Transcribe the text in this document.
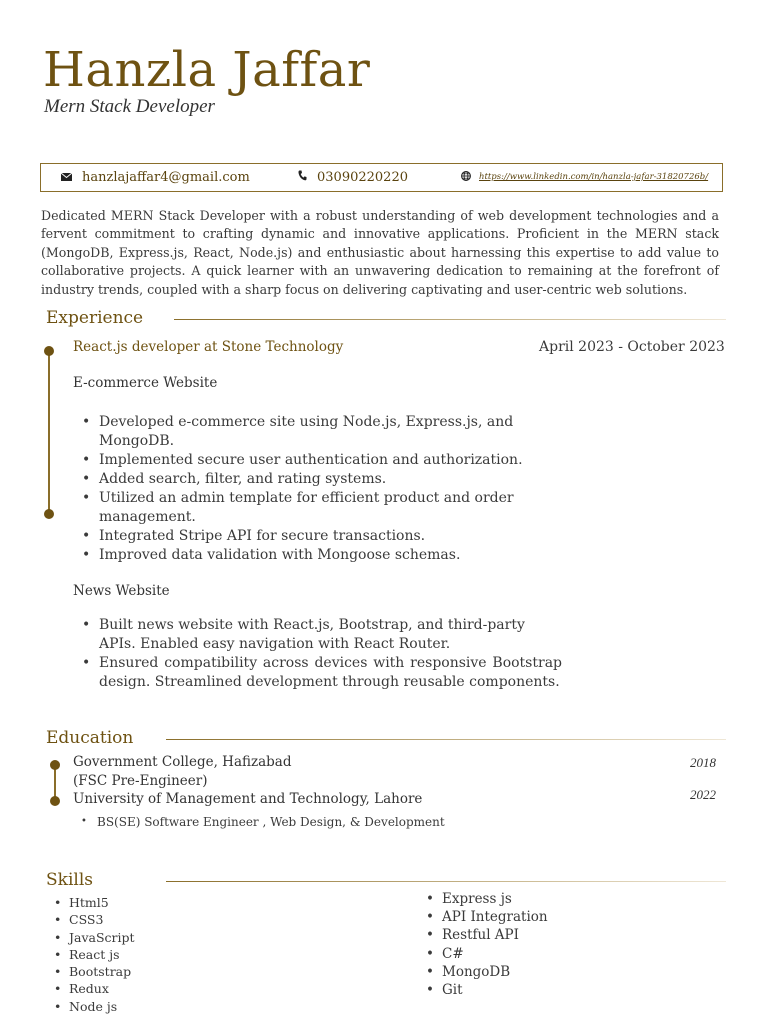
Hanzla Jaffar
Mern Stack Developer
hanzlajaffar4@gmail.com	03090220220	https://www.linkedin.com/in/hanzla-jafar-31820726b/
Dedicated MERN Stack Developer with a robust understanding of web development technologies and a fervent commitment to crafting dynamic and innovative applications. Proficient in the MERN stack (MongoDB, Express.js, React, Node.js) and enthusiastic about harnessing this expertise to add value to collaborative projects. A quick learner with an unwavering dedication to remaining at the forefront of industry trends, coupled with a sharp focus on delivering captivating and user-centric web solutions.
Experience
React.js developer at Stone Technology	April 2023 - October 2023
E-commerce Website
• Developed e-commerce site using Node.js, Express.js, and MongoDB.
• Implemented secure user authentication and authorization.
• Added search, filter, and rating systems.
• Utilized an admin template for efficient product and order management.
• Integrated Stripe API for secure transactions.
• Improved data validation with Mongoose schemas.
News Website
• Built news website with React.js, Bootstrap, and third-party APIs. Enabled easy navigation with React Router.
• Ensured compatibility across devices with responsive Bootstrap design. Streamlined development through reusable components.
Education
Government College, Hafizabad
(FSC Pre-Engineer)
2018
University of Management and Technology, Lahore	2022
• BS(SE) Software Engineer , Web Design, & Development
Skills
• Html5
• CSS3
• JavaScript
• React js
• Bootstrap
• Redux
• Node js
• Express js
• API Integration
• Restful API
• C#
• MongoDB
• Git
